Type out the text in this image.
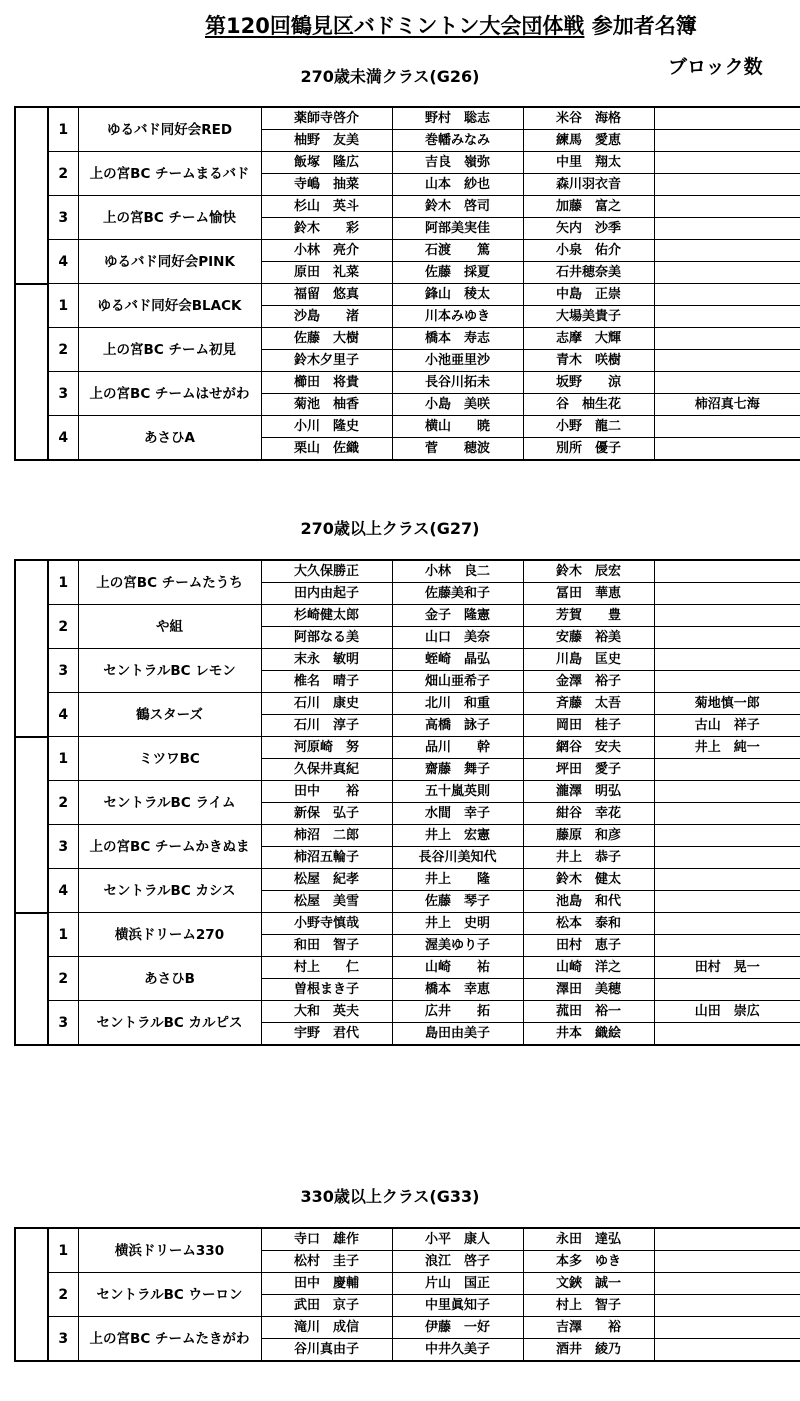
第120回鶴見区バドミントン大会団体戦 参加者名簿
ブロック数
270歳未満クラス(G26)
	1	ゆるバド同好会RED	薬師寺啓介	野村　聡志	米谷　海格	
			柚野　友美	巻幡みなみ	練馬　愛恵	
	2	上の宮BC チームまるバド	飯塚　隆広	吉良　嶺弥	中里　翔太	
			寺嶋　抽菜	山本　紗也	森川羽衣音	
	3	上の宮BC チーム愉快	杉山　英斗	鈴木　啓司	加藤　富之	
			鈴木　　彩	阿部美実佳	矢内　沙季	
	4	ゆるバド同好会PINK	小林　亮介	石渡　　篤	小泉　佑介	
			原田　礼菜	佐藤　採夏	石井穂奈美	
	1	ゆるバド同好会BLACK	福留　悠真	鋒山　稜太	中島　正崇	
			沙島　　渚	川本みゆき	大場美貴子	
	2	上の宮BC チーム初見	佐藤　大樹	橋本　寿志	志摩　大輝	
			鈴木夕里子	小池亜里沙	青木　咲樹	
	3	上の宮BC チームはせがわ	櫛田　将貴	長谷川拓未	坂野　　涼	
			菊池　柚香	小島　美咲	谷　柚生花	柿沼真七海
	4	あさひA	小川　隆史	横山　　暁	小野　龍二	
			栗山　佐織	菅　　穂波	別所　優子	
270歳以上クラス(G27)
	1	上の宮BC チームたうち	大久保勝正	小林　良二	鈴木　辰宏	
			田内由起子	佐藤美和子	冨田　華恵	
	2	や組	杉崎健太郎	金子　隆憲	芳賀　　豊	
			阿部なる美	山口　美奈	安藤　裕美	
	3	セントラルBC レモン	末永　敏明	蛭崎　晶弘	川島　匡史	
			椎名　晴子	畑山亜希子	金澤　裕子	
	4	鶴スターズ	石川　康史	北川　和重	斉藤　太吾	菊地慎一郎
			石川　淳子	高橋　詠子	岡田　桂子	古山　祥子
	1	ミツワBC	河原崎　努	品川　　幹	網谷　安夫	井上　純一
			久保井真紀	齋藤　舞子	坪田　愛子	
	2	セントラルBC ライム	田中　　裕	五十嵐英則	瀧澤　明弘	
			新保　弘子	水間　幸子	紺谷　幸花	
	3	上の宮BC チームかきぬま	柿沼　二郎	井上　宏憲	藤原　和彦	
			柿沼五輪子	長谷川美知代	井上　恭子	
	4	セントラルBC カシス	松屋　紀孝	井上　　隆	鈴木　健太	
			松屋　美雪	佐藤　琴子	池島　和代	
	1	横浜ドリーム270	小野寺慎哉	井上　史明	松本　泰和	
			和田　智子	渥美ゆり子	田村　恵子	
	2	あさひB	村上　　仁	山崎　　祐	山崎　洋之	田村　晃一
			曽根まき子	橋本　幸恵	澤田　美穂	
	3	セントラルBC カルピス	大和　英夫	広井　　拓	菰田　裕一	山田　崇広
			宇野　君代	島田由美子	井本　織絵	
330歳以上クラス(G33)
	1	横浜ドリーム330	寺口　雄作	小平　康人	永田　達弘	
			松村　圭子	浪江　啓子	本多　ゆき	
	2	セントラルBC ウーロン	田中　慶輔	片山　国正	文鋏　誠一	
			武田　京子	中里眞知子	村上　智子	
	3	上の宮BC チームたきがわ	滝川　成信	伊藤　一好	吉澤　　裕	
			谷川真由子	中井久美子	酒井　綾乃	
